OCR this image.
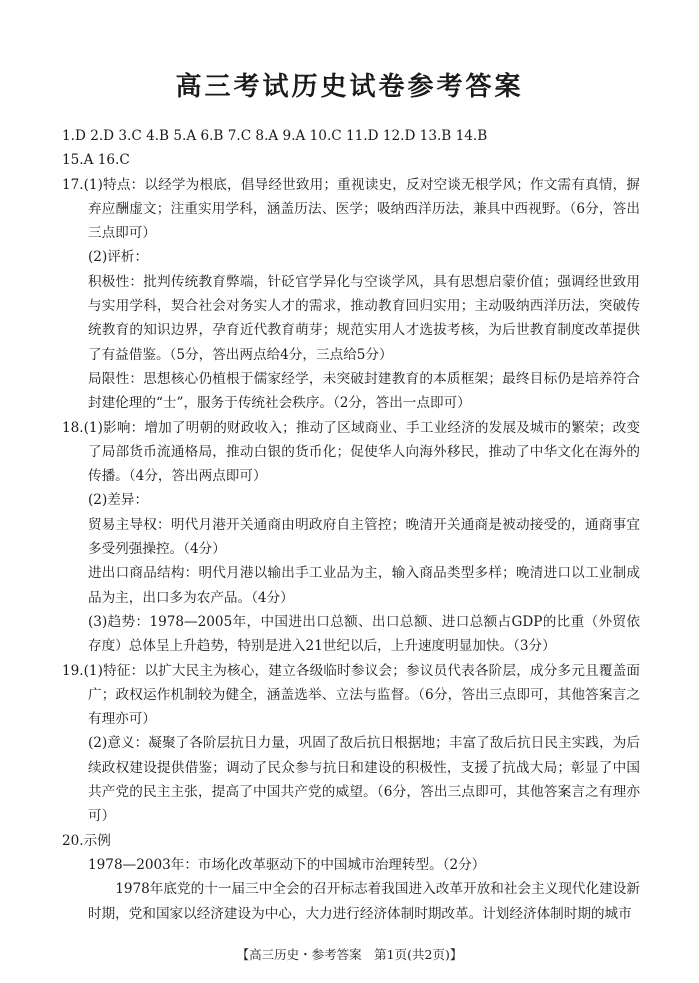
高三考试历史试卷参考答案

1.D 2.D 3.C 4.B 5.A 6.B 7.C 8.A 9.A 10.C 11.D 12.D 13.B 14.B

15.A 16.C

17.(1)特点：以经学为根底，倡导经世致用；重视读史，反对空谈无根学风；作文需有真情，摒弃应酬虚文；注重实用学科，涵盖历法、医学；吸纳西洋历法，兼具中西视野。（6分，答出三点即可）

(2)评析：

积极性：批判传统教育弊端，针砭官学异化与空谈学风，具有思想启蒙价值；强调经世致用与实用学科，契合社会对务实人才的需求，推动教育回归实用；主动吸纳西洋历法，突破传统教育的知识边界，孕育近代教育萌芽；规范实用人才选拔考核，为后世教育制度改革提供了有益借鉴。（5分，答出两点给4分，三点给5分）

局限性：思想核心仍植根于儒家经学，未突破封建教育的本质框架；最终目标仍是培养符合封建伦理的“士”，服务于传统社会秩序。（2分，答出一点即可）

18.(1)影响：增加了明朝的财政收入；推动了区域商业、手工业经济的发展及城市的繁荣；改变了局部货币流通格局，推动白银的货币化；促使华人向海外移民，推动了中华文化在海外的传播。（4分，答出两点即可）

(2)差异：

贸易主导权：明代月港开关通商由明政府自主管控；晚清开关通商是被动接受的，通商事宜多受列强操控。（4分）

进出口商品结构：明代月港以输出手工业品为主，输入商品类型多样；晚清进口以工业制成品为主，出口多为农产品。（4分）

(3)趋势：1978—2005年，中国进出口总额、出口总额、进口总额占GDP的比重（外贸依存度）总体呈上升趋势，特别是进入21世纪以后，上升速度明显加快。（3分）

19.(1)特征：以扩大民主为核心，建立各级临时参议会；参议员代表各阶层，成分多元且覆盖面广；政权运作机制较为健全，涵盖选举、立法与监督。（6分，答出三点即可，其他答案言之有理亦可）

(2)意义：凝聚了各阶层抗日力量，巩固了敌后抗日根据地；丰富了敌后抗日民主实践，为后续政权建设提供借鉴；调动了民众参与抗日和建设的积极性，支援了抗战大局；彰显了中国共产党的民主主张，提高了中国共产党的威望。（6分，答出三点即可，其他答案言之有理亦可）

20.示例

1978—2003年：市场化改革驱动下的中国城市治理转型。（2分）

1978年底党的十一届三中全会的召开标志着我国进入改革开放和社会主义现代化建设新时期，党和国家以经济建设为中心，大力进行经济体制时期改革。计划经济体制时期的城市

【高三历史・参考答案　第1页(共2页)】
